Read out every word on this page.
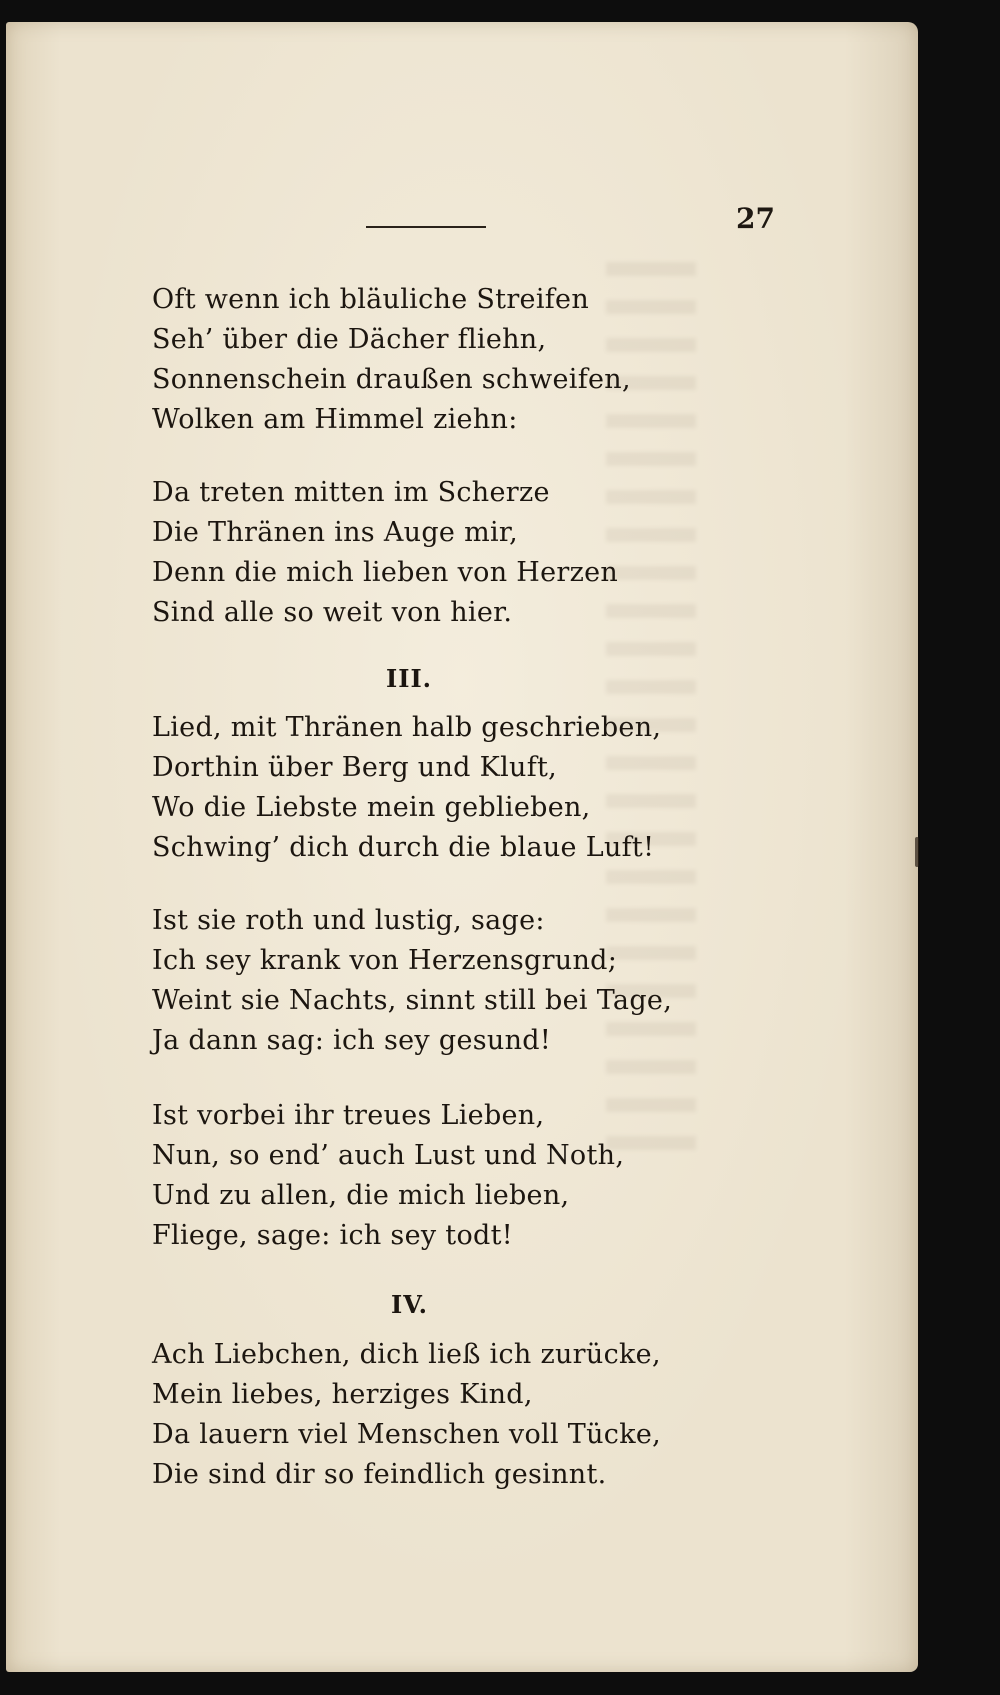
27
Oft wenn ich bläuliche Streifen
Seh’ über die Dächer fliehn,
Sonnenschein draußen schweifen,
Wolken am Himmel ziehn:
Da treten mitten im Scherze
Die Thränen ins Auge mir,
Denn die mich lieben von Herzen
Sind alle so weit von hier.
III.
Lied, mit Thränen halb geschrieben,
Dorthin über Berg und Kluft,
Wo die Liebste mein geblieben,
Schwing’ dich durch die blaue Luft!
Ist sie roth und lustig, sage:
Ich sey krank von Herzensgrund;
Weint sie Nachts, sinnt still bei Tage,
Ja dann sag: ich sey gesund!
Ist vorbei ihr treues Lieben,
Nun, so end’ auch Lust und Noth,
Und zu allen, die mich lieben,
Fliege, sage: ich sey todt!
IV.
Ach Liebchen, dich ließ ich zurücke,
Mein liebes, herziges Kind,
Da lauern viel Menschen voll Tücke,
Die sind dir so feindlich gesinnt.
